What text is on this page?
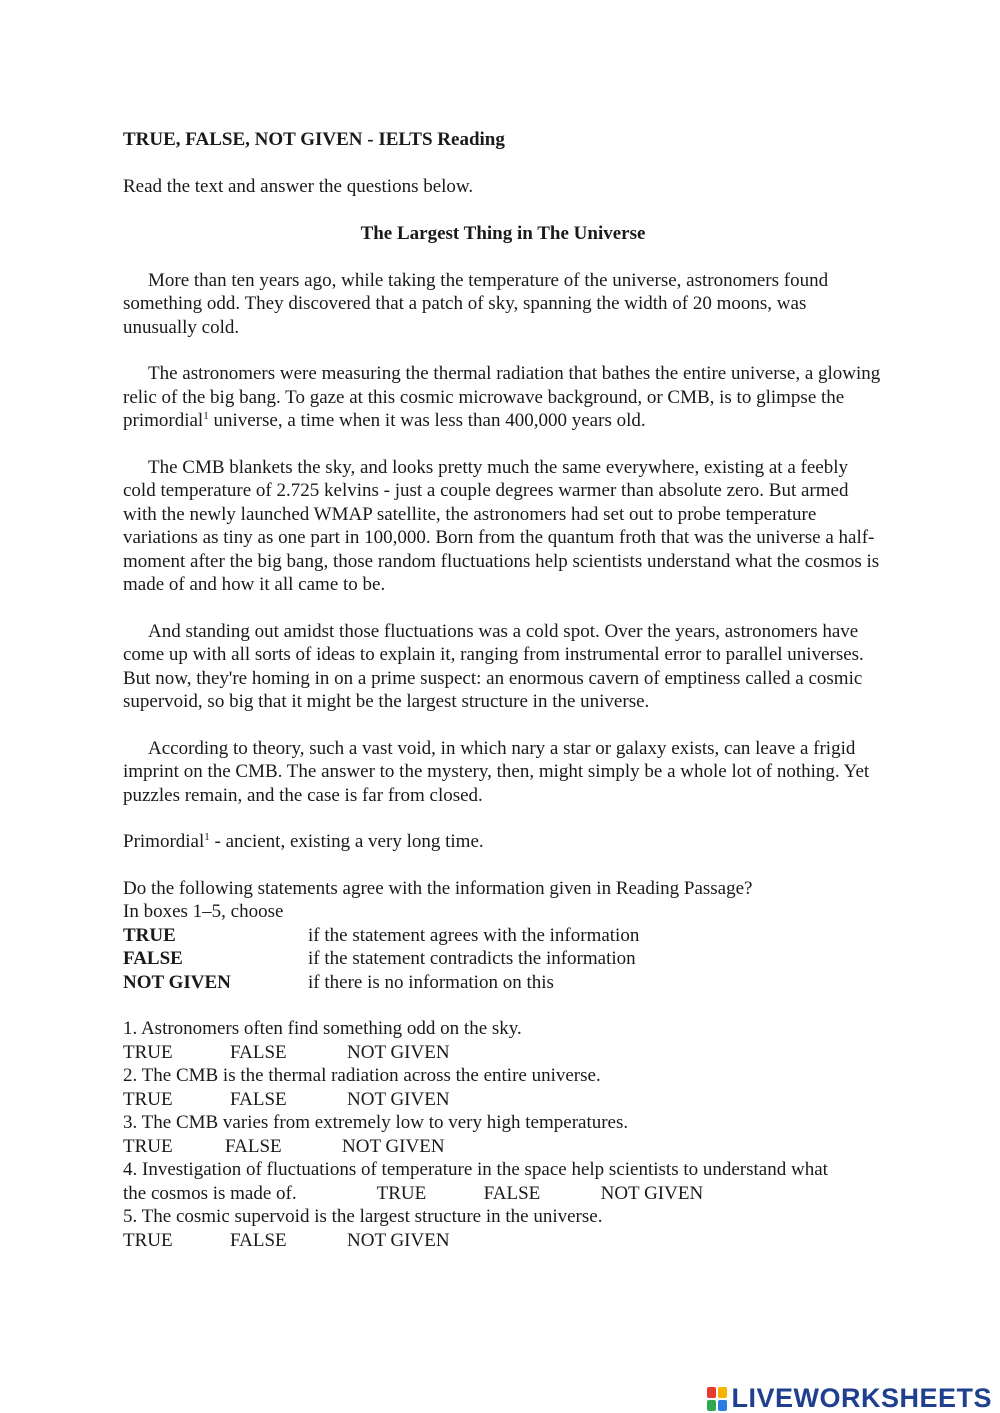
TRUE, FALSE, NOT GIVEN - IELTS Reading

Read the text and answer the questions below.

The Largest Thing in The Universe

More than ten years ago, while taking the temperature of the universe, astronomers found something odd. They discovered that a patch of sky, spanning the width of 20 moons, was unusually cold.

The astronomers were measuring the thermal radiation that bathes the entire universe, a glowing relic of the big bang. To gaze at this cosmic microwave background, or CMB, is to glimpse the primordial$^1$ universe, a time when it was less than 400,000 years old.

The CMB blankets the sky, and looks pretty much the same everywhere, existing at a feebly cold temperature of 2.725 kelvins - just a couple degrees warmer than absolute zero. But armed with the newly launched WMAP satellite, the astronomers had set out to probe temperature variations as tiny as one part in 100,000. Born from the quantum froth that was the universe a half-moment after the big bang, those random fluctuations help scientists understand what the cosmos is made of and how it all came to be.

And standing out amidst those fluctuations was a cold spot. Over the years, astronomers have come up with all sorts of ideas to explain it, ranging from instrumental error to parallel universes. But now, they're homing in on a prime suspect: an enormous cavern of emptiness called a cosmic supervoid, so big that it might be the largest structure in the universe.

According to theory, such a vast void, in which nary a star or galaxy exists, can leave a frigid imprint on the CMB. The answer to the mystery, then, might simply be a whole lot of nothing. Yet puzzles remain, and the case is far from closed.

Primordial$^1$ - ancient, existing a very long time.

Do the following statements agree with the information given in Reading Passage?

In boxes 1–5, choose

TRUE	if the statement agrees with the information
FALSE	if the statement contradicts the information
NOT GIVEN	if there is no information on this

1. Astronomers often find something odd on the sky.

TRUE	FALSE	NOT GIVEN

2. The CMB is the thermal radiation across the entire universe.

TRUE	FALSE	NOT GIVEN

3. The CMB varies from extremely low to very high temperatures.

TRUE	FALSE	NOT GIVEN

4. Investigation of fluctuations of temperature in the space help scientists to understand what

the cosmos is made of.	TRUE	FALSE	NOT GIVEN

5. The cosmic supervoid is the largest structure in the universe.

TRUE	FALSE	NOT GIVEN
LIVEWORKSHEETS
